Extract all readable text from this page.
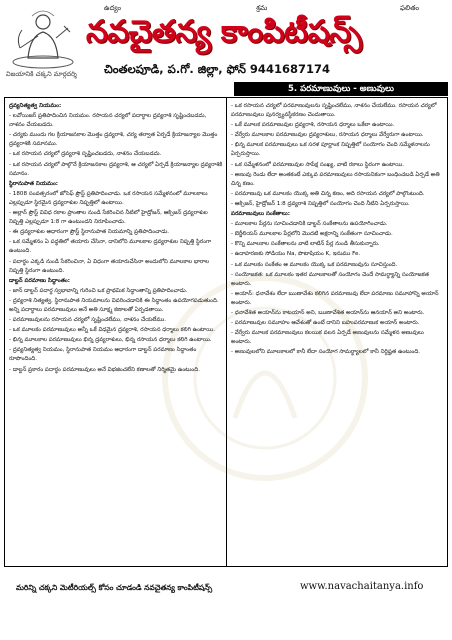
ఉద్యం	శ్రమ	ఫలితం
నవచైతన్య కాంపిటీషన్స్
విజయానికి చక్కని మార్గదర్శి	చింతలపూడి, ప.గో. జిల్లా, ఫోన్ 9441687174
5. పరమాణువులు - అణువులు

ద్రవ్యనిత్యత్వ నియమం:

- లవోయిజర్ ప్రతిపాదించిన నియమం. రసాయన చర్యలో పదార్థాల ద్రవ్యరాశి సృష్టించబడదు, నాశనం చేయబడదు.

- చర్యకు ముందు గల క్రియాజనకాల మొత్తం ద్రవ్యరాశి, చర్య తర్వాత ఏర్పడే క్రియాజన్యాల మొత్తం ద్రవ్యరాశికి సమానము.

- ఒక రసాయన చర్యలో ద్రవ్యరాశి సృష్టించబడదు, నాశనం చేయబడదు.

- ఒక రసాయన చర్యలో పాల్గొనే క్రియాజనకాల ద్రవ్యరాశి, ఆ చర్యలో ఏర్పడే క్రియాజన్యాల ద్రవ్యరాశికి సమానం.

స్థిరానుపాత నియమం:

- 1808 సంవత్సరంలో జోసెఫ్ ప్రౌస్ట్ ప్రతిపాదించాడు. ఒక రసాయన సమ్మేళనంలో మూలకాలు ఎల్లప్పుడూ స్థిరమైన ద్రవ్యరాశుల నిష్పత్తిలో ఉంటాయి.

- అల్లాన్ ప్రౌస్ట్ వివిధ రకాల ప్రాంతాల నుండి సేకరించిన నీటిలో హైడ్రోజన్, ఆక్సిజన్ ద్రవ్యరాశుల నిష్పత్తి ఎల్లప్పుడూ 1:8 గా ఉంటుందని నిరూపించాడు.

- ఈ ద్రవ్యరాశుల ఆధారంగా ప్రౌస్ట్ స్థిరానుపాత నియమాన్ని ప్రతిపాదించాడు.

- ఒక సమ్మేళనం ఏ పద్ధతిలో తయారు చేసినా, దానిలోని మూలకాల ద్రవ్యరాశుల నిష్పత్తి స్థిరంగా ఉంటుంది.

- పదార్థం ఎక్కడి నుండి సేకరించినా, ఏ విధంగా తయారుచేసినా అందులోని మూలకాల భారాల నిష్పత్తి స్థిరంగా ఉంటుంది.

డాల్టన్ పరమాణు సిద్ధాంతం:

- జాన్ డాల్టన్ పదార్థ స్వభావాన్ని గురించి ఒక ప్రాథమిక సిద్ధాంతాన్ని ప్రతిపాదించాడు.

- ద్రవ్యరాశి నిత్యత్వ, స్థిరానుపాత నియమాలను వివరించడానికి ఈ సిద్ధాంతం ఉపయోగపడుతుంది. అన్ని పదార్థాలు పరమాణువులు అనే అతి సూక్ష్మ కణాలతో ఏర్పడతాయి.

- పరమాణువులను రసాయన చర్యలో సృష్టించలేము, నాశనం చేయలేము.

- ఒక మూలకం పరమాణువులు అన్నీ ఒకే విధమైన ద్రవ్యరాశి, రసాయన ధర్మాలు కలిగి ఉంటాయి.

- భిన్న మూలకాల పరమాణువులు భిన్న ద్రవ్యరాశులు, భిన్న రసాయన ధర్మాలు కలిగి ఉంటాయి.

- ద్రవ్యనిత్యత్వ నియమం, స్థిరానుపాత నియమం ఆధారంగా డాల్టన్ పరమాణు సిద్ధాంతం రూపొందింది.

- డాల్టన్ ప్రకారం పదార్థం పరమాణువులు అనే విభజించలేని కణాలతో నిర్మితమై ఉంటుంది.

- ఒక రసాయన చర్యలో పరమాణువులను సృష్టించలేము, నాశనం చేయలేము. రసాయన చర్యలో పరమాణువులు పునర్వ్యవస్థీకరణం చెందుతాయి.

- ఒకే మూలక పరమాణువుల ద్రవ్యరాశి, రసాయన ధర్మాలు ఒకేలా ఉంటాయి.

- వేర్వేరు మూలకాల పరమాణువుల ద్రవ్యరాశులు, రసాయన ధర్మాలు వేర్వేరుగా ఉంటాయి.

- భిన్న మూలక పరమాణువులు ఒక సరళ పూర్ణాంక నిష్పత్తిలో సంయోగం చెంది సమ్మేళనాలను ఏర్పరుస్తాయి.

- ఒక సమ్మేళనంలో పరమాణువుల సాపేక్ష సంఖ్య, వాటి రకాలు స్థిరంగా ఉంటాయి.

- అణువు రెండు లేదా అంతకంటే ఎక్కువ పరమాణువులు రసాయనికంగా బంధించబడి ఏర్పడే అతి చిన్న కణం.

- పరమాణువు ఒక మూలకం యొక్క అతి చిన్న కణం, అది రసాయన చర్యలో పాల్గొంటుంది.

- ఆక్సిజన్, హైడ్రోజన్ 1:8 ద్రవ్యరాశి నిష్పత్తిలో సంయోగం చెంది నీటిని ఏర్పరుస్తాయి.

పరమాణువులు సంకేతాలు:

- మూలకాల పేర్లను సూచించడానికి డాల్టన్ సంకేతాలను ఉపయోగించాడు.

- బెర్జీలియస్ మూలకాల పేర్లలోని మొదటి అక్షరాన్ని సంకేతంగా సూచించాడు.

- కొన్ని మూలకాల సంకేతాలను వాటి లాటిన్ పేర్ల నుండి తీసుకున్నారు.

- ఉదాహరణకు సోడియం Na, పొటాషియం K, ఇనుము Fe.

- ఒక మూలకం సంకేతం ఆ మూలకం యొక్క ఒక పరమాణువును సూచిస్తుంది.

- సంయోజకత: ఒక మూలకం ఇతర మూలకాలతో సంయోగం చెందే సామర్థ్యాన్ని సంయోజకత అంటారు.

- అయాన్: ధనావేశం లేదా ఋణావేశం కలిగిన పరమాణువు లేదా పరమాణు సమూహాన్ని అయాన్ అంటారు.

- ధనావేశిత అయాన్‌ను కాటయాన్ అని, ఋణావేశిత అయాన్‌ను ఆనయాన్ అని అంటారు.

- పరమాణువుల సమూహం ఆవేశంతో ఉంటే దానిని బహుపరమాణుక అయాన్ అంటారు.

- వేర్వేరు మూలక పరమాణువులు కలయిక వలన ఏర్పడే అణువులను సమ్మేళన అణువులు అంటారు.

- అణువులలోని మూలకాలలో కానీ లేదా సంయోగ సామర్థ్యాలలో కానీ నిర్దిష్టత ఉంటుంది.

మరిన్ని చక్కని మెటీరియల్స్ కోసం చూడండి నవచైతన్య కాంపిటీషన్స్	www.navachaitanya.info
